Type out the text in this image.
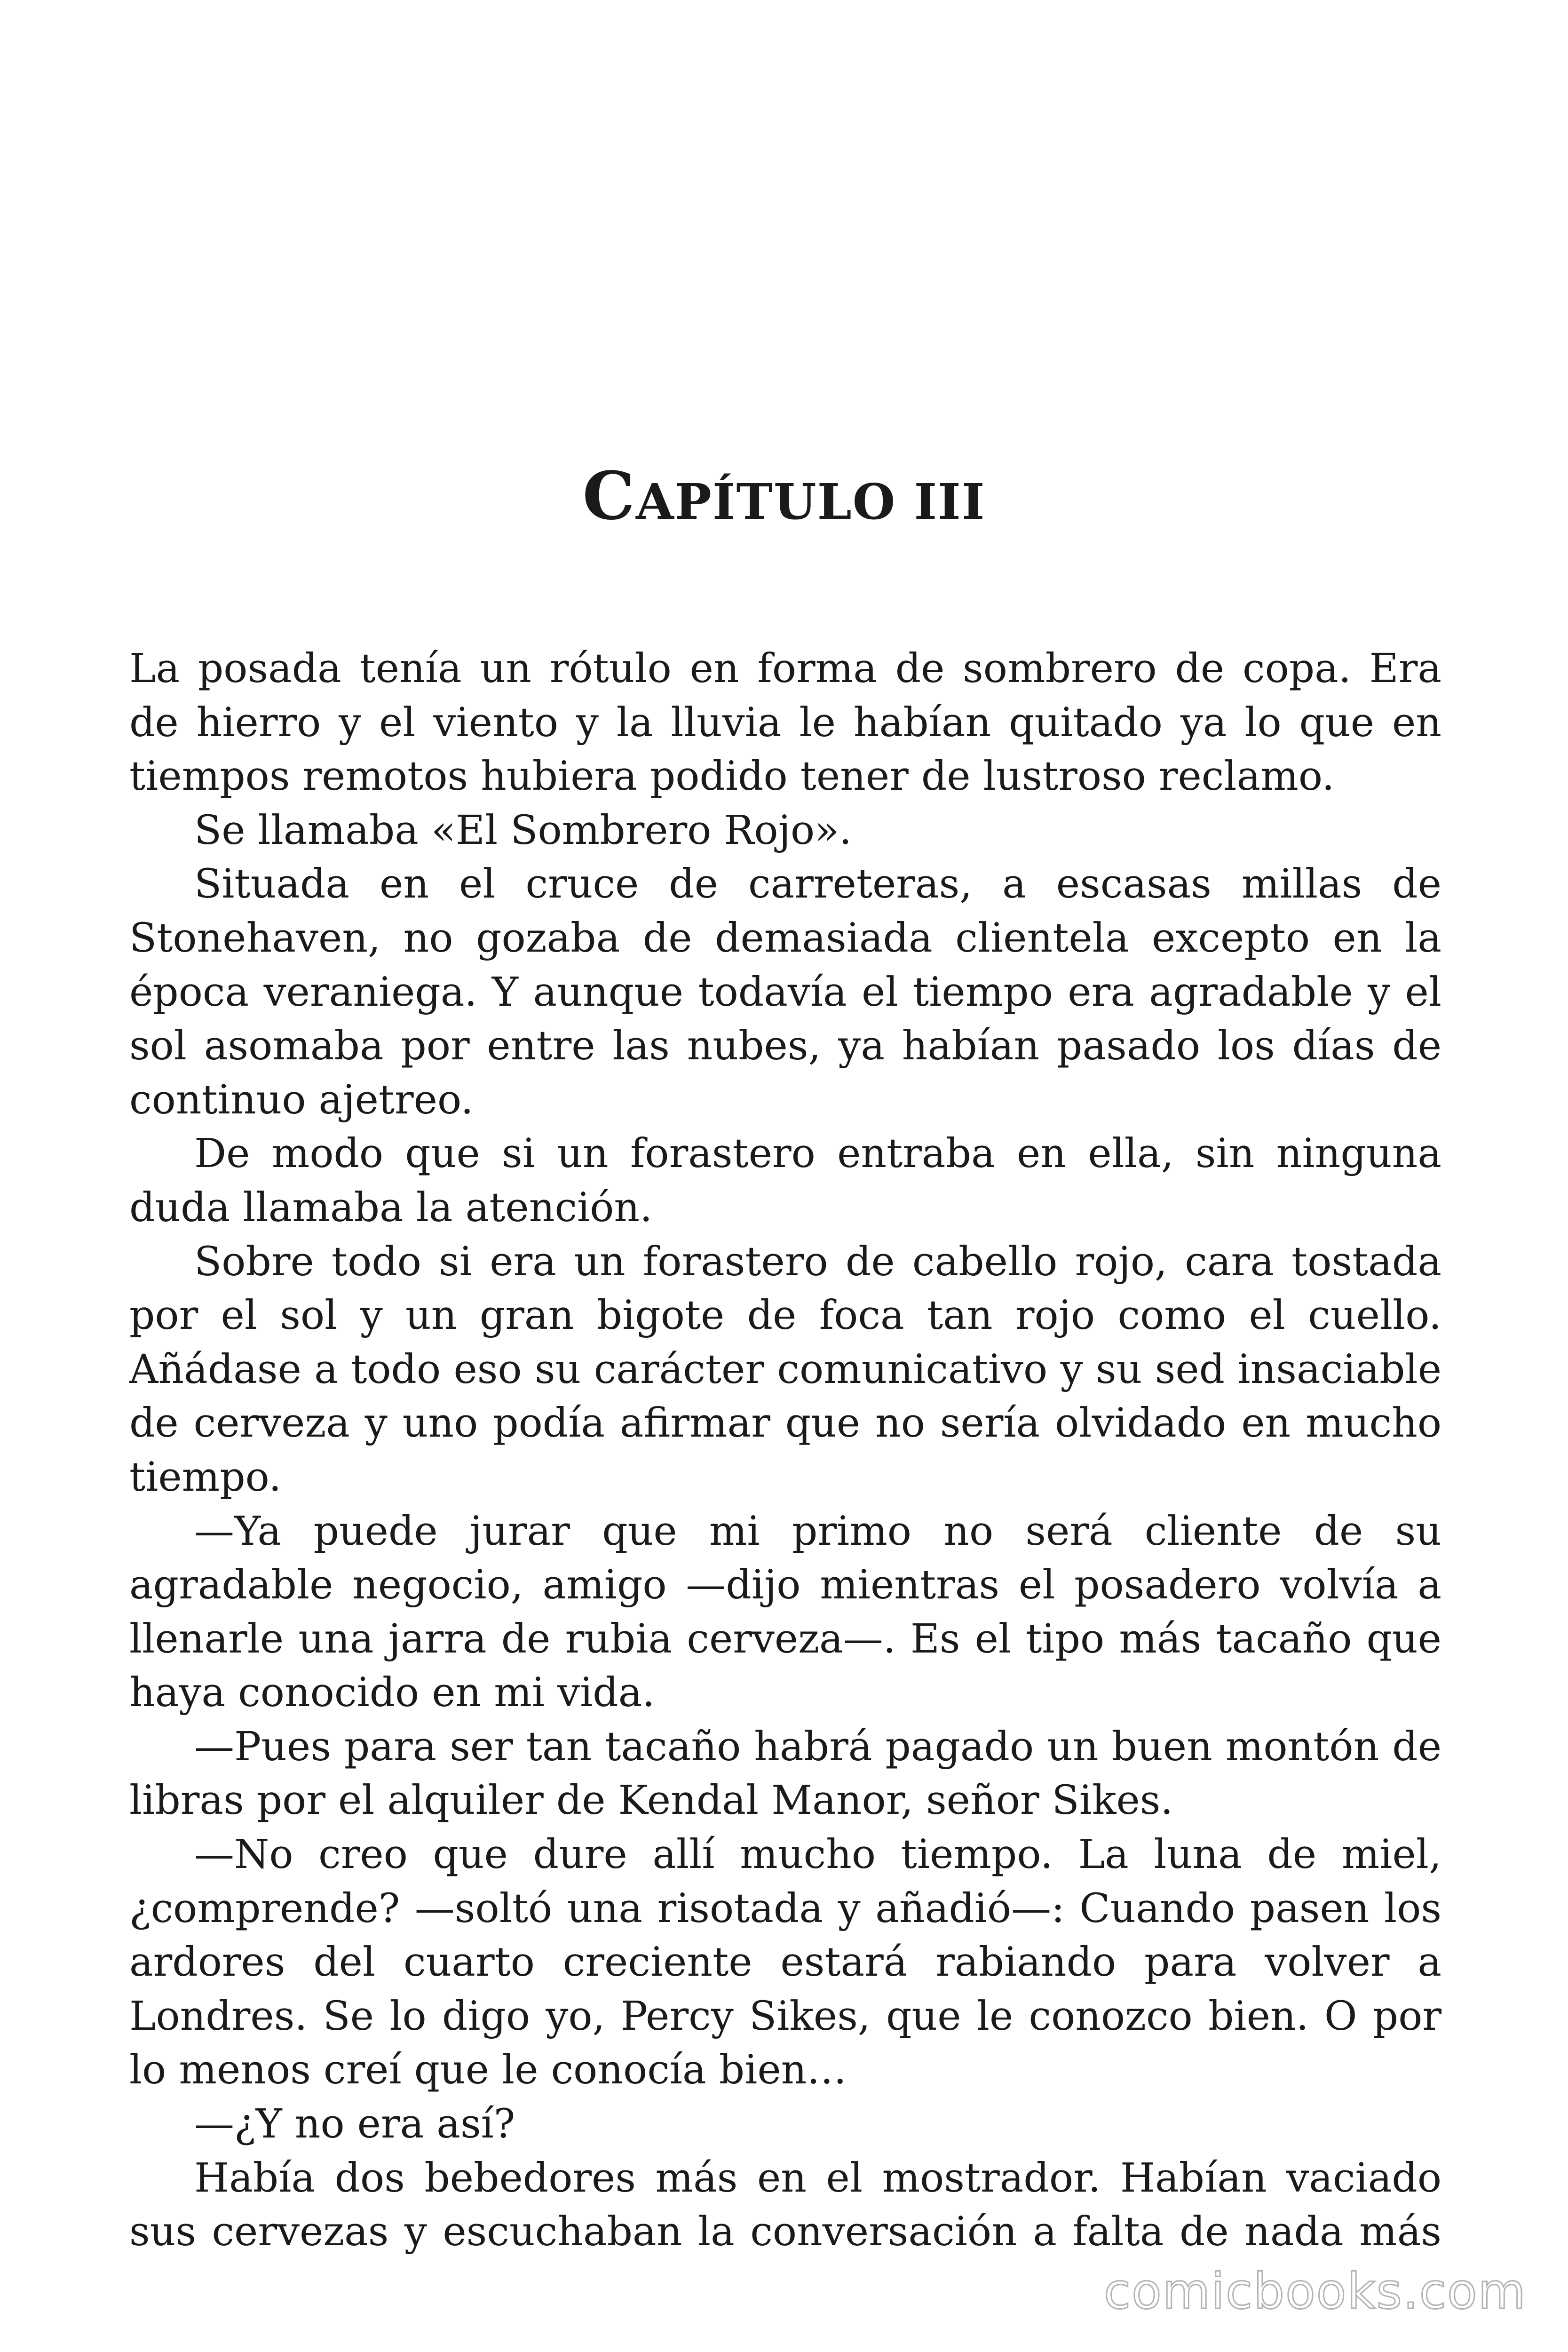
CAPÍTULO III

La posada tenía un rótulo en forma de sombrero de copa. Era de hierro y el viento y la lluvia le habían quitado ya lo que en tiempos remotos hubiera podido tener de lustroso reclamo.

Se llamaba «El Sombrero Rojo».

Situada en el cruce de carreteras, a escasas millas de Stonehaven, no gozaba de demasiada clientela excepto en la época veraniega. Y aunque todavía el tiempo era agradable y el sol asomaba por entre las nubes, ya habían pasado los días de continuo ajetreo.

De modo que si un forastero entraba en ella, sin ninguna duda llamaba la atención.

Sobre todo si era un forastero de cabello rojo, cara tostada por el sol y un gran bigote de foca tan rojo como el cuello. Añádase a todo eso su carácter comunicativo y su sed insaciable de cerveza y uno podía afirmar que no sería olvidado en mucho tiempo.

—Ya puede jurar que mi primo no será cliente de su agradable negocio, amigo —dijo mientras el posadero volvía a llenarle una jarra de rubia cerveza—. Es el tipo más tacaño que haya conocido en mi vida.

—Pues para ser tan tacaño habrá pagado un buen montón de libras por el alquiler de Kendal Manor, señor Sikes.

—No creo que dure allí mucho tiempo. La luna de miel, ¿comprende? —soltó una risotada y añadió—: Cuando pasen los ardores del cuarto creciente estará rabiando para volver a Londres. Se lo digo yo, Percy Sikes, que le conozco bien. O por lo menos creí que le conocía bien…

—¿Y no era así?

Había dos bebedores más en el mostrador. Habían vaciado sus cervezas y escuchaban la conversación a falta de nada más

comicbooks.com
